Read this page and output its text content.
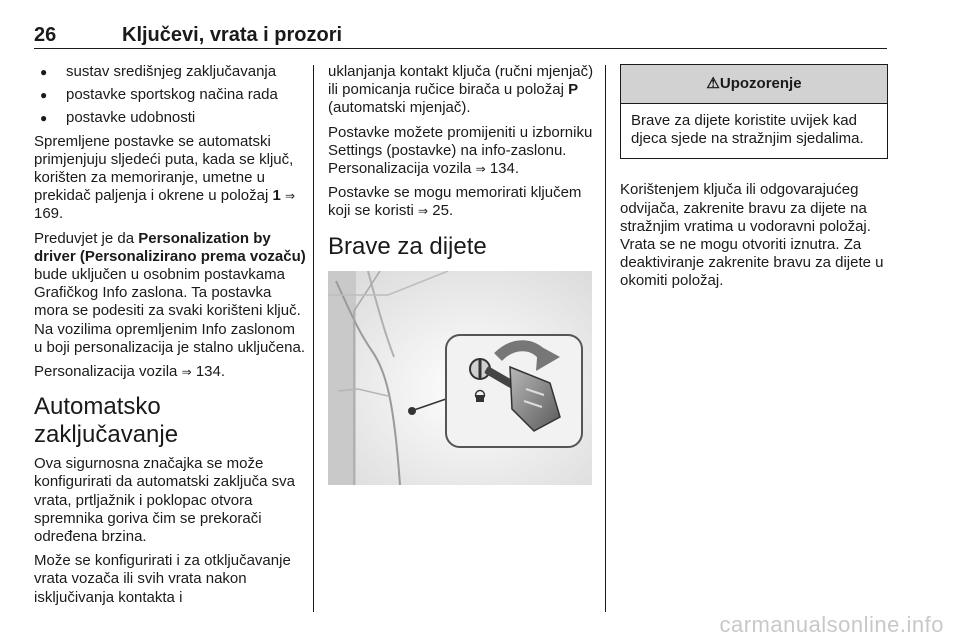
26	Ključevi, vrata i prozori
● sustav središnjeg zaključavanja
● postavke sportskog načina rada
● postavke udobnosti

Spremljene postavke se automatski primjenjuju sljedeći puta, kada se ključ, korišten za memoriranje, umetne u prekidač paljenja i okrene u položaj 1 ⇒ 169.

Preduvjet je da Personalization by driver (Personalizirano prema vozaču) bude uključen u osobnim postavkama Grafičkog Info zaslona. Ta postavka mora se podesiti za svaki korišteni ključ. Na vozilima opremljenim Info zaslonom u boji personalizacija je stalno uključena.

Personalizacija vozila ⇒ 134.

Automatsko zaključavanje

Ova sigurnosna značajka se može konfigurirati da automatski zaključa sva vrata, prtljažnik i poklopac otvora spremnika goriva čim se prekorači određena brzina.

Može se konfigurirati i za otključavanje vrata vozača ili svih vrata nakon isključivanja kontakta i

uklanjanja kontakt ključa (ručni mjenjač) ili pomicanja ručice birača u položaj P (automatski mjenjač).

Postavke možete promijeniti u izborniku Settings (postavke) na info-zaslonu. Personalizacija vozila ⇒ 134.

Postavke se mogu memorirati ključem koji se koristi ⇒ 25.

Brave za dijete
⚠Upozorenje
Brave za dijete koristite uvijek kad djeca sjede na stražnjim sjedalima.

Korištenjem ključa ili odgovarajućeg odvijača, zakrenite bravu za dijete na stražnjim vratima u vodoravni položaj. Vrata se ne mogu otvoriti iznutra. Za deaktiviranje zakrenite bravu za dijete u okomiti položaj.

carmanualsonline.info
